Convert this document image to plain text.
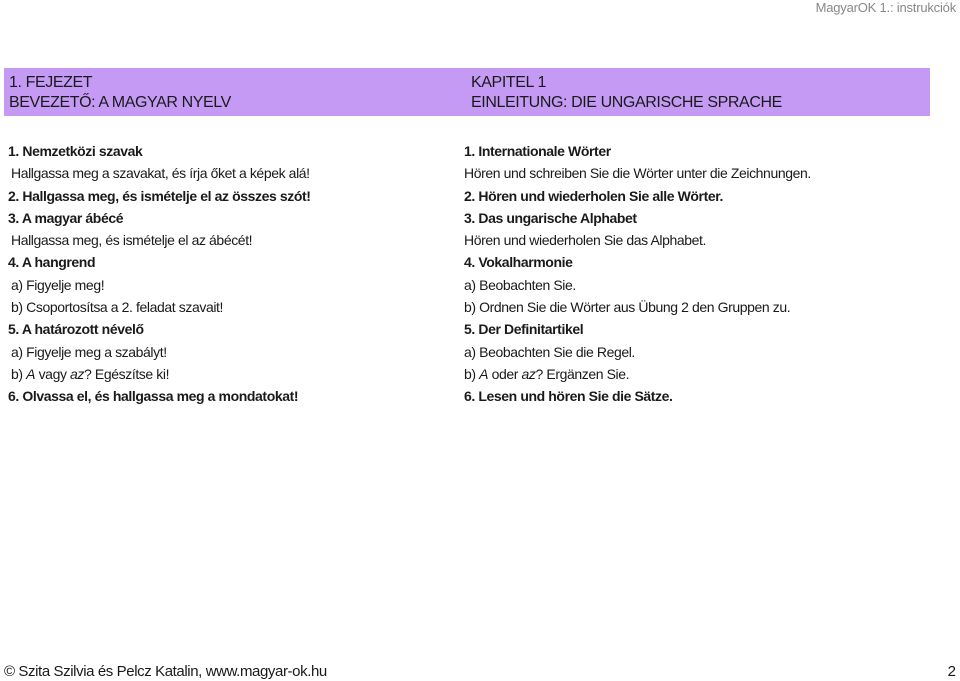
MagyarOK 1.: instrukciók
1. FEJEZET
BEVEZETŐ: A MAGYAR NYELV
KAPITEL 1
EINLEITUNG: DIE UNGARISCHE SPRACHE
1. Nemzetközi szavak
Hallgassa meg a szavakat, és írja őket a képek alá!
2. Hallgassa meg, és ismételje el az összes szót!
3. A magyar ábécé
Hallgassa meg, és ismételje el az ábécét!
4. A hangrend
a) Figyelje meg!
b) Csoportosítsa a 2. feladat szavait!
5. A határozott névelő
a) Figyelje meg a szabályt!
b) A vagy az? Egészítse ki!
6. Olvassa el, és hallgassa meg a mondatokat!
1. Internationale Wörter
Hören und schreiben Sie die Wörter unter die Zeichnungen.
2. Hören und wiederholen Sie alle Wörter.
3. Das ungarische Alphabet
Hören und wiederholen Sie das Alphabet.
4. Vokalharmonie
a) Beobachten Sie.
b) Ordnen Sie die Wörter aus Übung 2 den Gruppen zu.
5. Der Definitartikel
a) Beobachten Sie die Regel.
b) A oder az? Ergänzen Sie.
6. Lesen und hören Sie die Sätze.
© Szita Szilvia és Pelcz Katalin, www.magyar-ok.hu	2
